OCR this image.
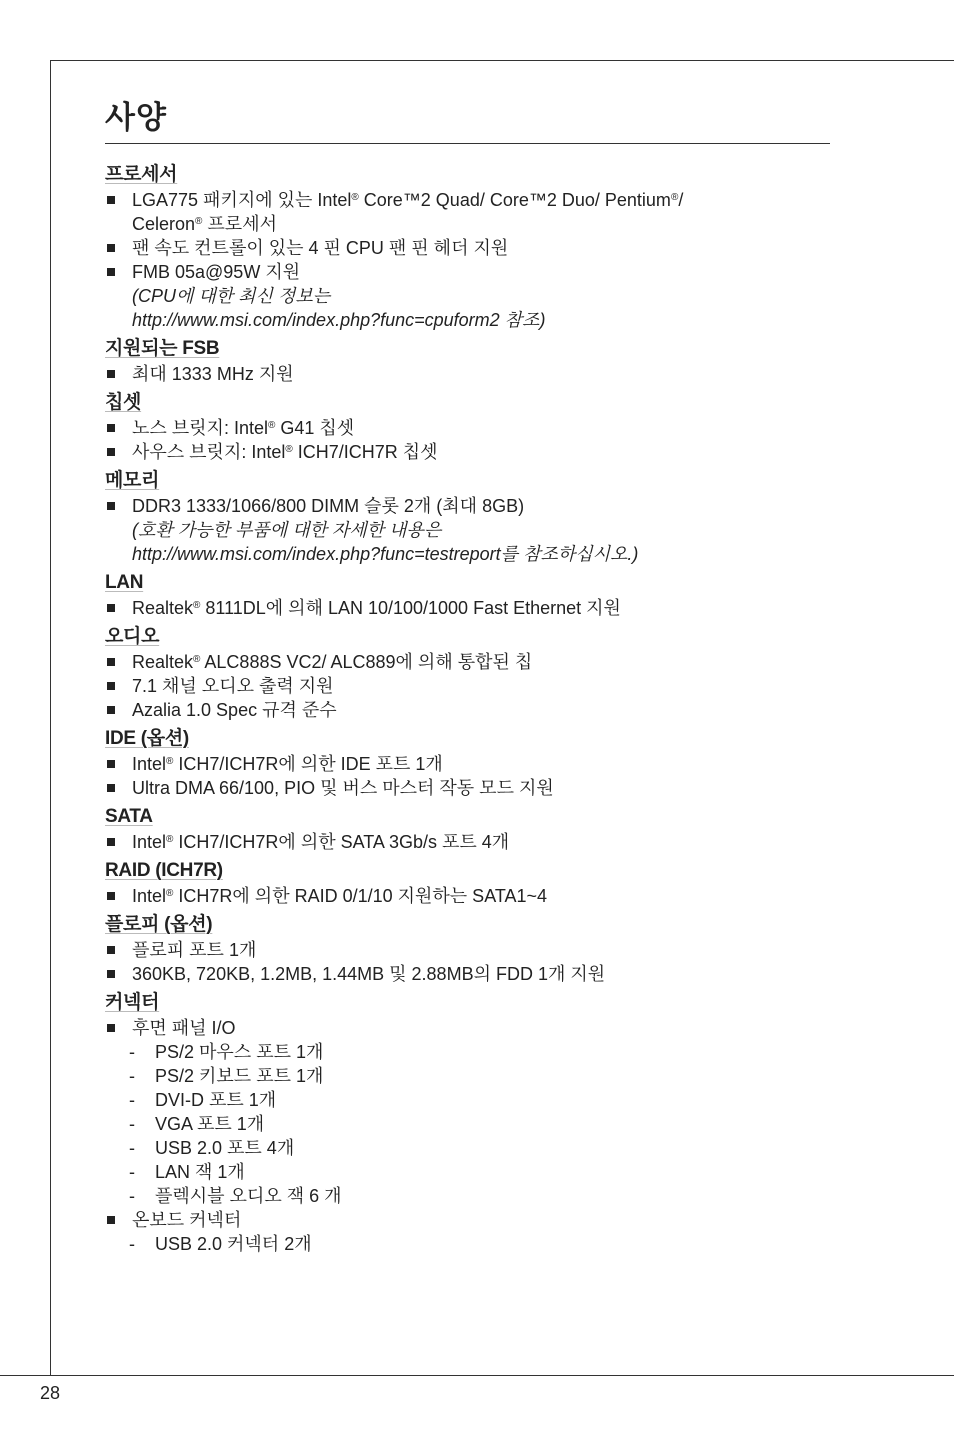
사양
프로세서
LGA775 패키지에 있는 Intel® Core™2 Quad/ Core™2 Duo/ Pentium®/
Celeron® 프로세서
팬 속도 컨트롤이 있는 4 핀 CPU 팬 핀 헤더 지원
FMB 05a@95W 지원
(CPU에 대한 최신 정보는
http://www.msi.com/index.php?func=cpuform2 참조)
지원되는 FSB
최대 1333 MHz 지원
칩셋
노스 브릿지: Intel® G41 칩셋
사우스 브릿지: Intel® ICH7/ICH7R 칩셋
메모리
DDR3 1333/1066/800 DIMM 슬롯 2개 (최대 8GB)
(호환 가능한 부품에 대한 자세한 내용은
http://www.msi.com/index.php?func=testreport를 참조하십시오.)
LAN
Realtek® 8111DL에 의해 LAN 10/100/1000 Fast Ethernet 지원
오디오
Realtek® ALC888S VC2/ ALC889에 의해 통합된 칩
7.1 채널 오디오 출력 지원
Azalia 1.0 Spec 규격 준수
IDE (옵션)
Intel® ICH7/ICH7R에 의한 IDE 포트 1개
Ultra DMA 66/100, PIO 및 버스 마스터 작동 모드 지원
SATA
Intel® ICH7/ICH7R에 의한 SATA 3Gb/s 포트 4개
RAID (ICH7R)
Intel® ICH7R에 의한 RAID 0/1/10 지원하는 SATA1~4
플로피 (옵션)
플로피 포트 1개
360KB, 720KB, 1.2MB, 1.44MB 및 2.88MB의 FDD 1개 지원
커넥터
후면 패널 I/O
- PS/2 마우스 포트 1개
- PS/2 키보드 포트 1개
- DVI-D 포트 1개
- VGA 포트 1개
- USB 2.0 포트 4개
- LAN 잭 1개
- 플렉시블 오디오 잭 6 개
온보드 커넥터
- USB 2.0 커넥터 2개
28
